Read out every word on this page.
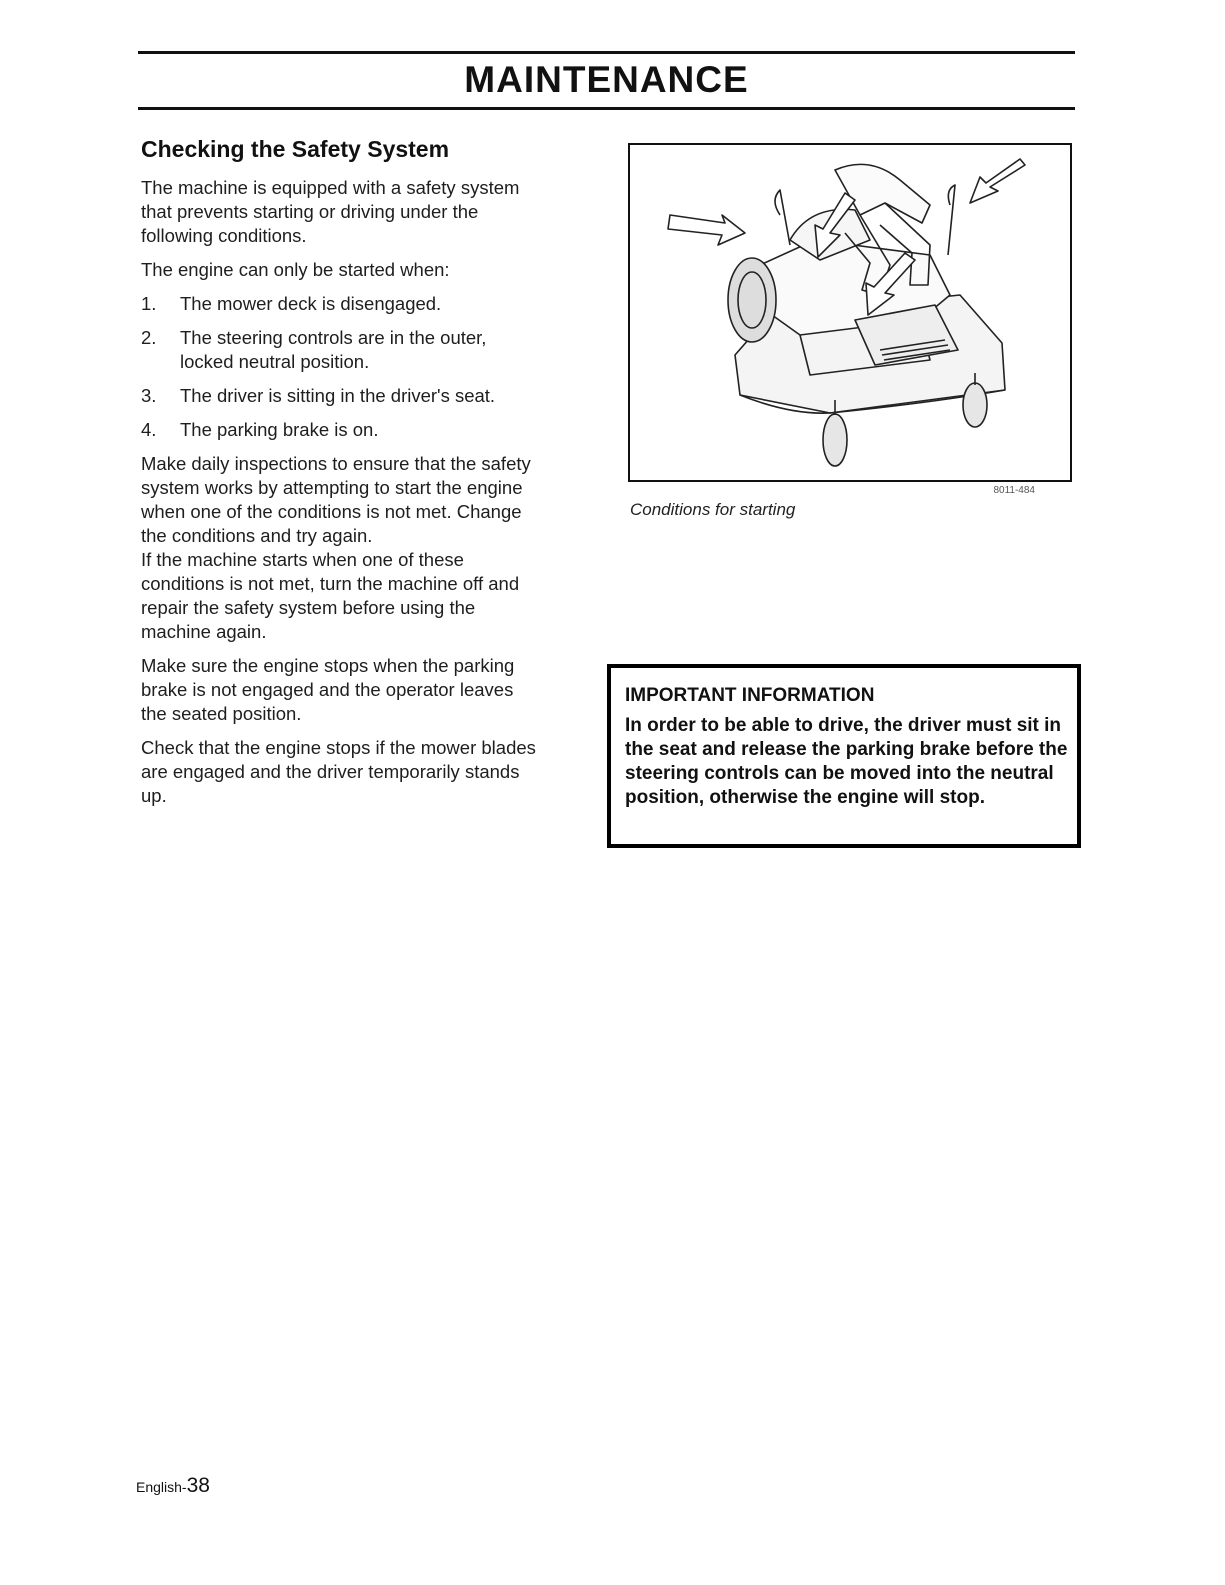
MAINTENANCE
Checking the Safety System

The machine is equipped with a safety system that prevents starting or driving under the following conditions.

The engine can only be started when:

1. The mower deck is disengaged.
2. The steering controls are in the outer, locked neutral position.
3. The driver is sitting in the driver's seat.
4. The parking brake is on.

Make daily inspections to ensure that the safety system works by attempting to start the engine when one of the conditions is not met. Change the conditions and try again.

If the machine starts when one of these conditions is not met, turn the machine off and repair the safety system before using the machine again.

Make sure the engine stops when the parking brake is not engaged and the operator leaves the seated position.

Check that the engine stops if the mower blades are engaged and the driver temporarily stands up.

8011-484
Conditions for starting
IMPORTANT INFORMATION

In order to be able to drive, the driver must sit in the seat and release the parking brake before the steering controls can be moved into the neutral position, otherwise the engine will stop.

English-38
